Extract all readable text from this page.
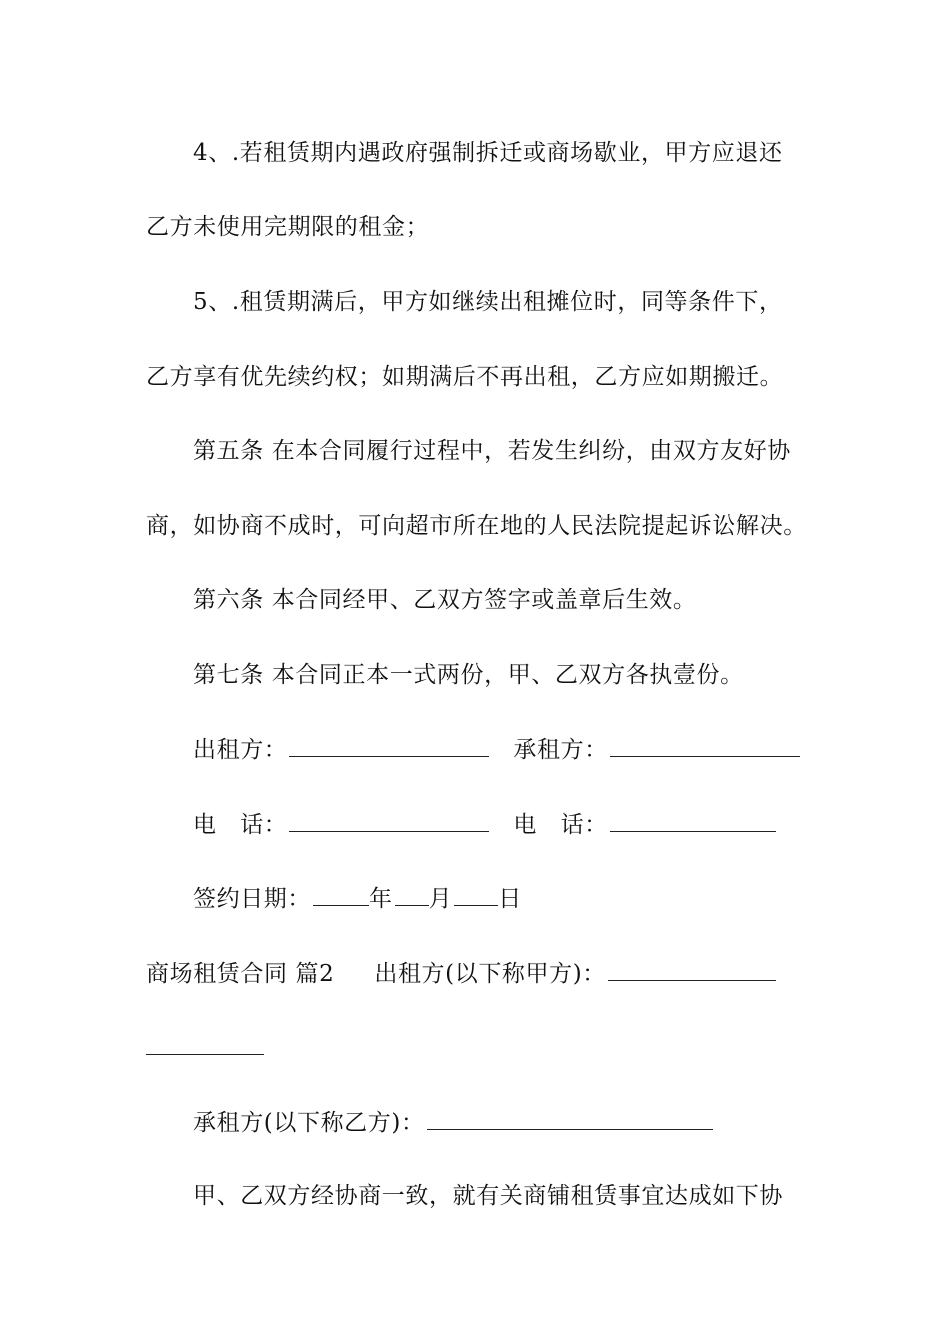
4、.若租赁期内遇政府强制拆迁或商场歇业，甲方应退还
乙方未使用完期限的租金；
5、.租赁期满后，甲方如继续出租摊位时，同等条件下，
乙方享有优先续约权；如期满后不再出租，乙方应如期搬迁。
第五条 在本合同履行过程中，若发生纠纷，由双方友好协
商，如协商不成时，可向超市所在地的人民法院提起诉讼解决。
第六条 本合同经甲、乙双方签字或盖章后生效。
第七条 本合同正本一式两份，甲、乙双方各执壹份。
出租方：	承租方：
电　话：	电　话：
签约日期：	年 月 日
商场租赁合同 篇2 出租方(以下称甲方)：
承租方(以下称乙方)：
甲、乙双方经协商一致，就有关商铺租赁事宜达成如下协
